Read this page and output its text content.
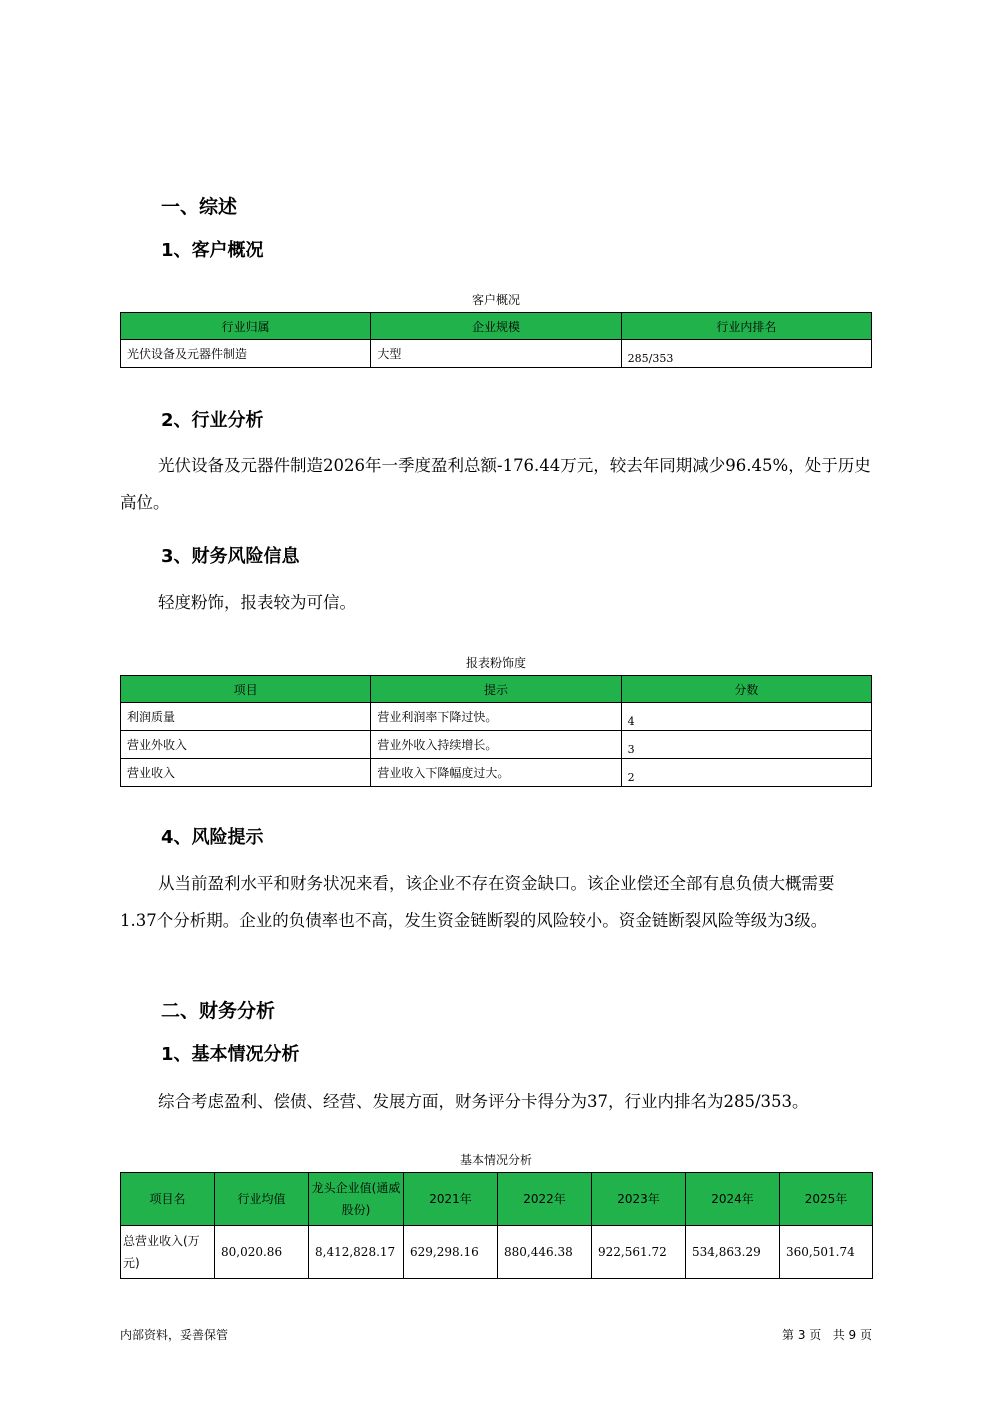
一、综述
1、客户概况
客户概况
行业归属	企业规模	行业内排名
光伏设备及元器件制造	大型	285/353
2、行业分析
光伏设备及元器件制造2026年一季度盈利总额-176.44万元，较去年同期减少96.45%，处于历史高位。
3、财务风险信息
轻度粉饰，报表较为可信。
报表粉饰度
项目	提示	分数
利润质量	营业利润率下降过快。	4
营业外收入	营业外收入持续增长。	3
营业收入	营业收入下降幅度过大。	2
4、风险提示
从当前盈利水平和财务状况来看，该企业不存在资金缺口。该企业偿还全部有息负债大概需要 1.37个分析期。企业的负债率也不高，发生资金链断裂的风险较小。资金链断裂风险等级为3级。
二、财务分析
1、基本情况分析
综合考虑盈利、偿债、经营、发展方面，财务评分卡得分为37，行业内排名为285/353。
基本情况分析
项目名	行业均值	龙头企业值(通威股份)	2021年	2022年	2023年	2024年	2025年
总营业收入(万元)	80,020.86	8,412,828.17	629,298.16	880,446.38	922,561.72	534,863.29	360,501.74
内部资料，妥善保管	第 3 页   共 9 页
